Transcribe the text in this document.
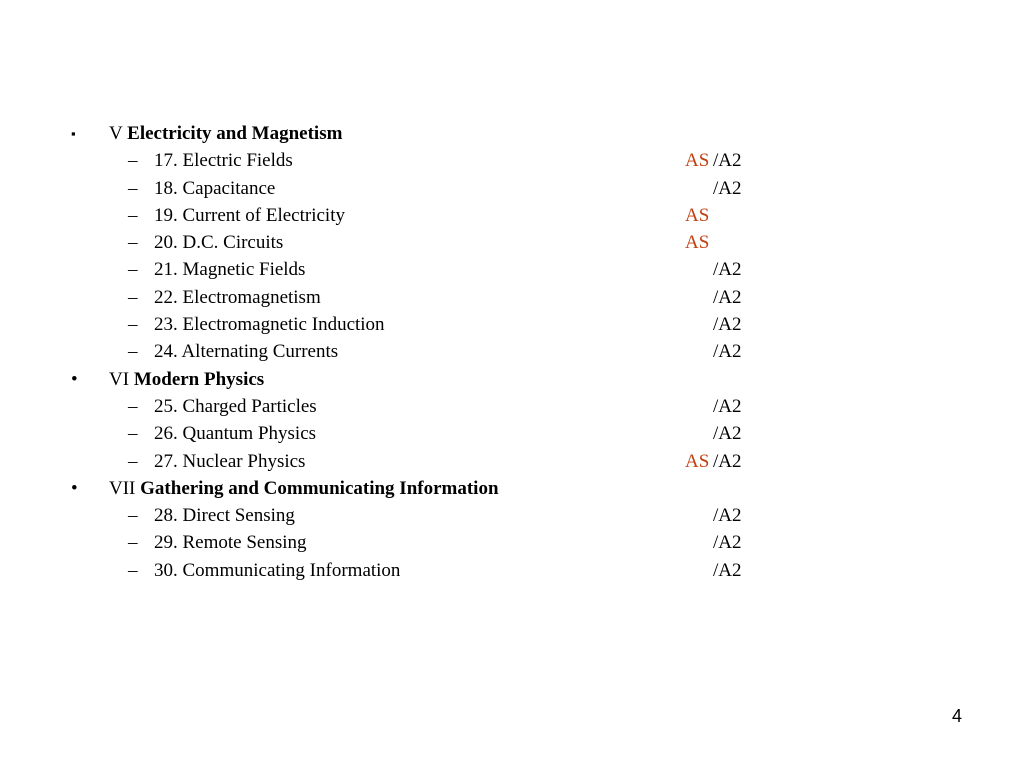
▪ V Electricity and Magnetism
– 17. Electric Fields	AS /A2
– 18. Capacitance	/A2
– 19. Current of Electricity	AS
– 20. D.C. Circuits	AS
– 21. Magnetic Fields	/A2
– 22. Electromagnetism	/A2
– 23. Electromagnetic Induction	/A2
– 24. Alternating Currents	/A2
• VI Modern Physics
– 25. Charged Particles	/A2
– 26. Quantum Physics	/A2
– 27. Nuclear Physics	AS /A2
• VII Gathering and Communicating Information
– 28. Direct Sensing	/A2
– 29. Remote Sensing	/A2
– 30. Communicating Information	/A2
4
